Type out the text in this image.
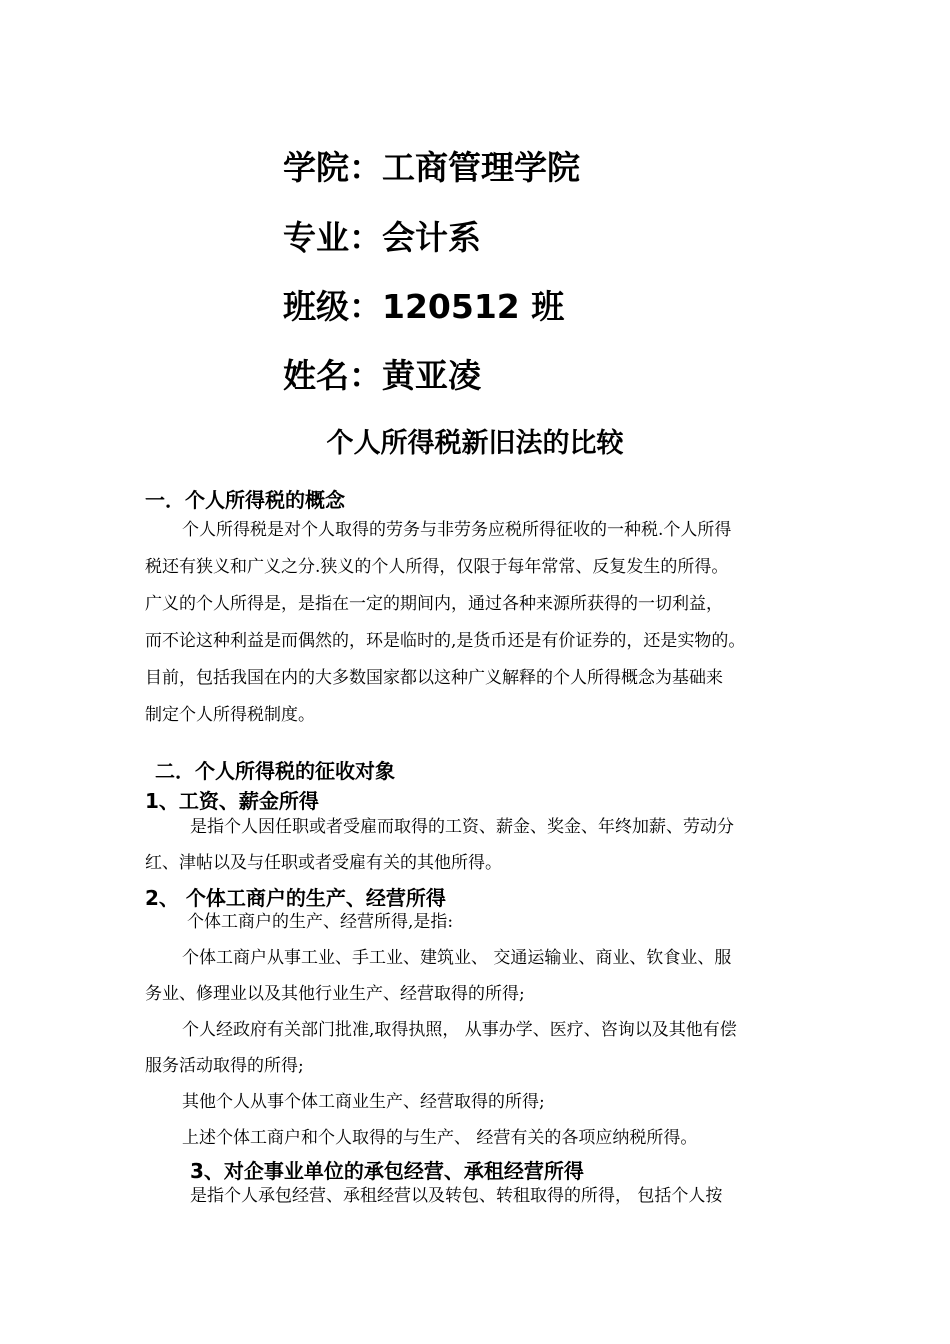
学院：工商管理学院
专业：会计系
班级：120512 班
姓名：黄亚凌
个人所得税新旧法的比较
一．个人所得税的概念
个人所得税是对个人取得的劳务与非劳务应税所得征收的一种税.个人所得
税还有狭义和广义之分.狭义的个人所得，仅限于每年常常、反复发生的所得。
广义的个人所得是，是指在一定的期间内，通过各种来源所获得的一切利益，
而不论这种利益是而偶然的，环是临时的,是货币还是有价证券的，还是实物的。
目前，包括我国在内的大多数国家都以这种广义解释的个人所得概念为基础来
制定个人所得税制度。
二．个人所得税的征收对象
1、工资、薪金所得
是指个人因任职或者受雇而取得的工资、薪金、奖金、年终加薪、劳动分
红、津帖以及与任职或者受雇有关的其他所得。
2、 个体工商户的生产、经营所得
个体工商户的生产、经营所得,是指:
个体工商户从事工业、手工业、建筑业、 交通运输业、商业、钦食业、服
务业、修理业以及其他行业生产、经营取得的所得;
个人经政府有关部门批准,取得执照， 从事办学、医疗、咨询以及其他有偿
服务活动取得的所得;
其他个人从事个体工商业生产、经营取得的所得;
上述个体工商户和个人取得的与生产、 经营有关的各项应纳税所得。
3、对企事业单位的承包经营、承租经营所得
是指个人承包经营、承租经营以及转包、转租取得的所得， 包括个人按
